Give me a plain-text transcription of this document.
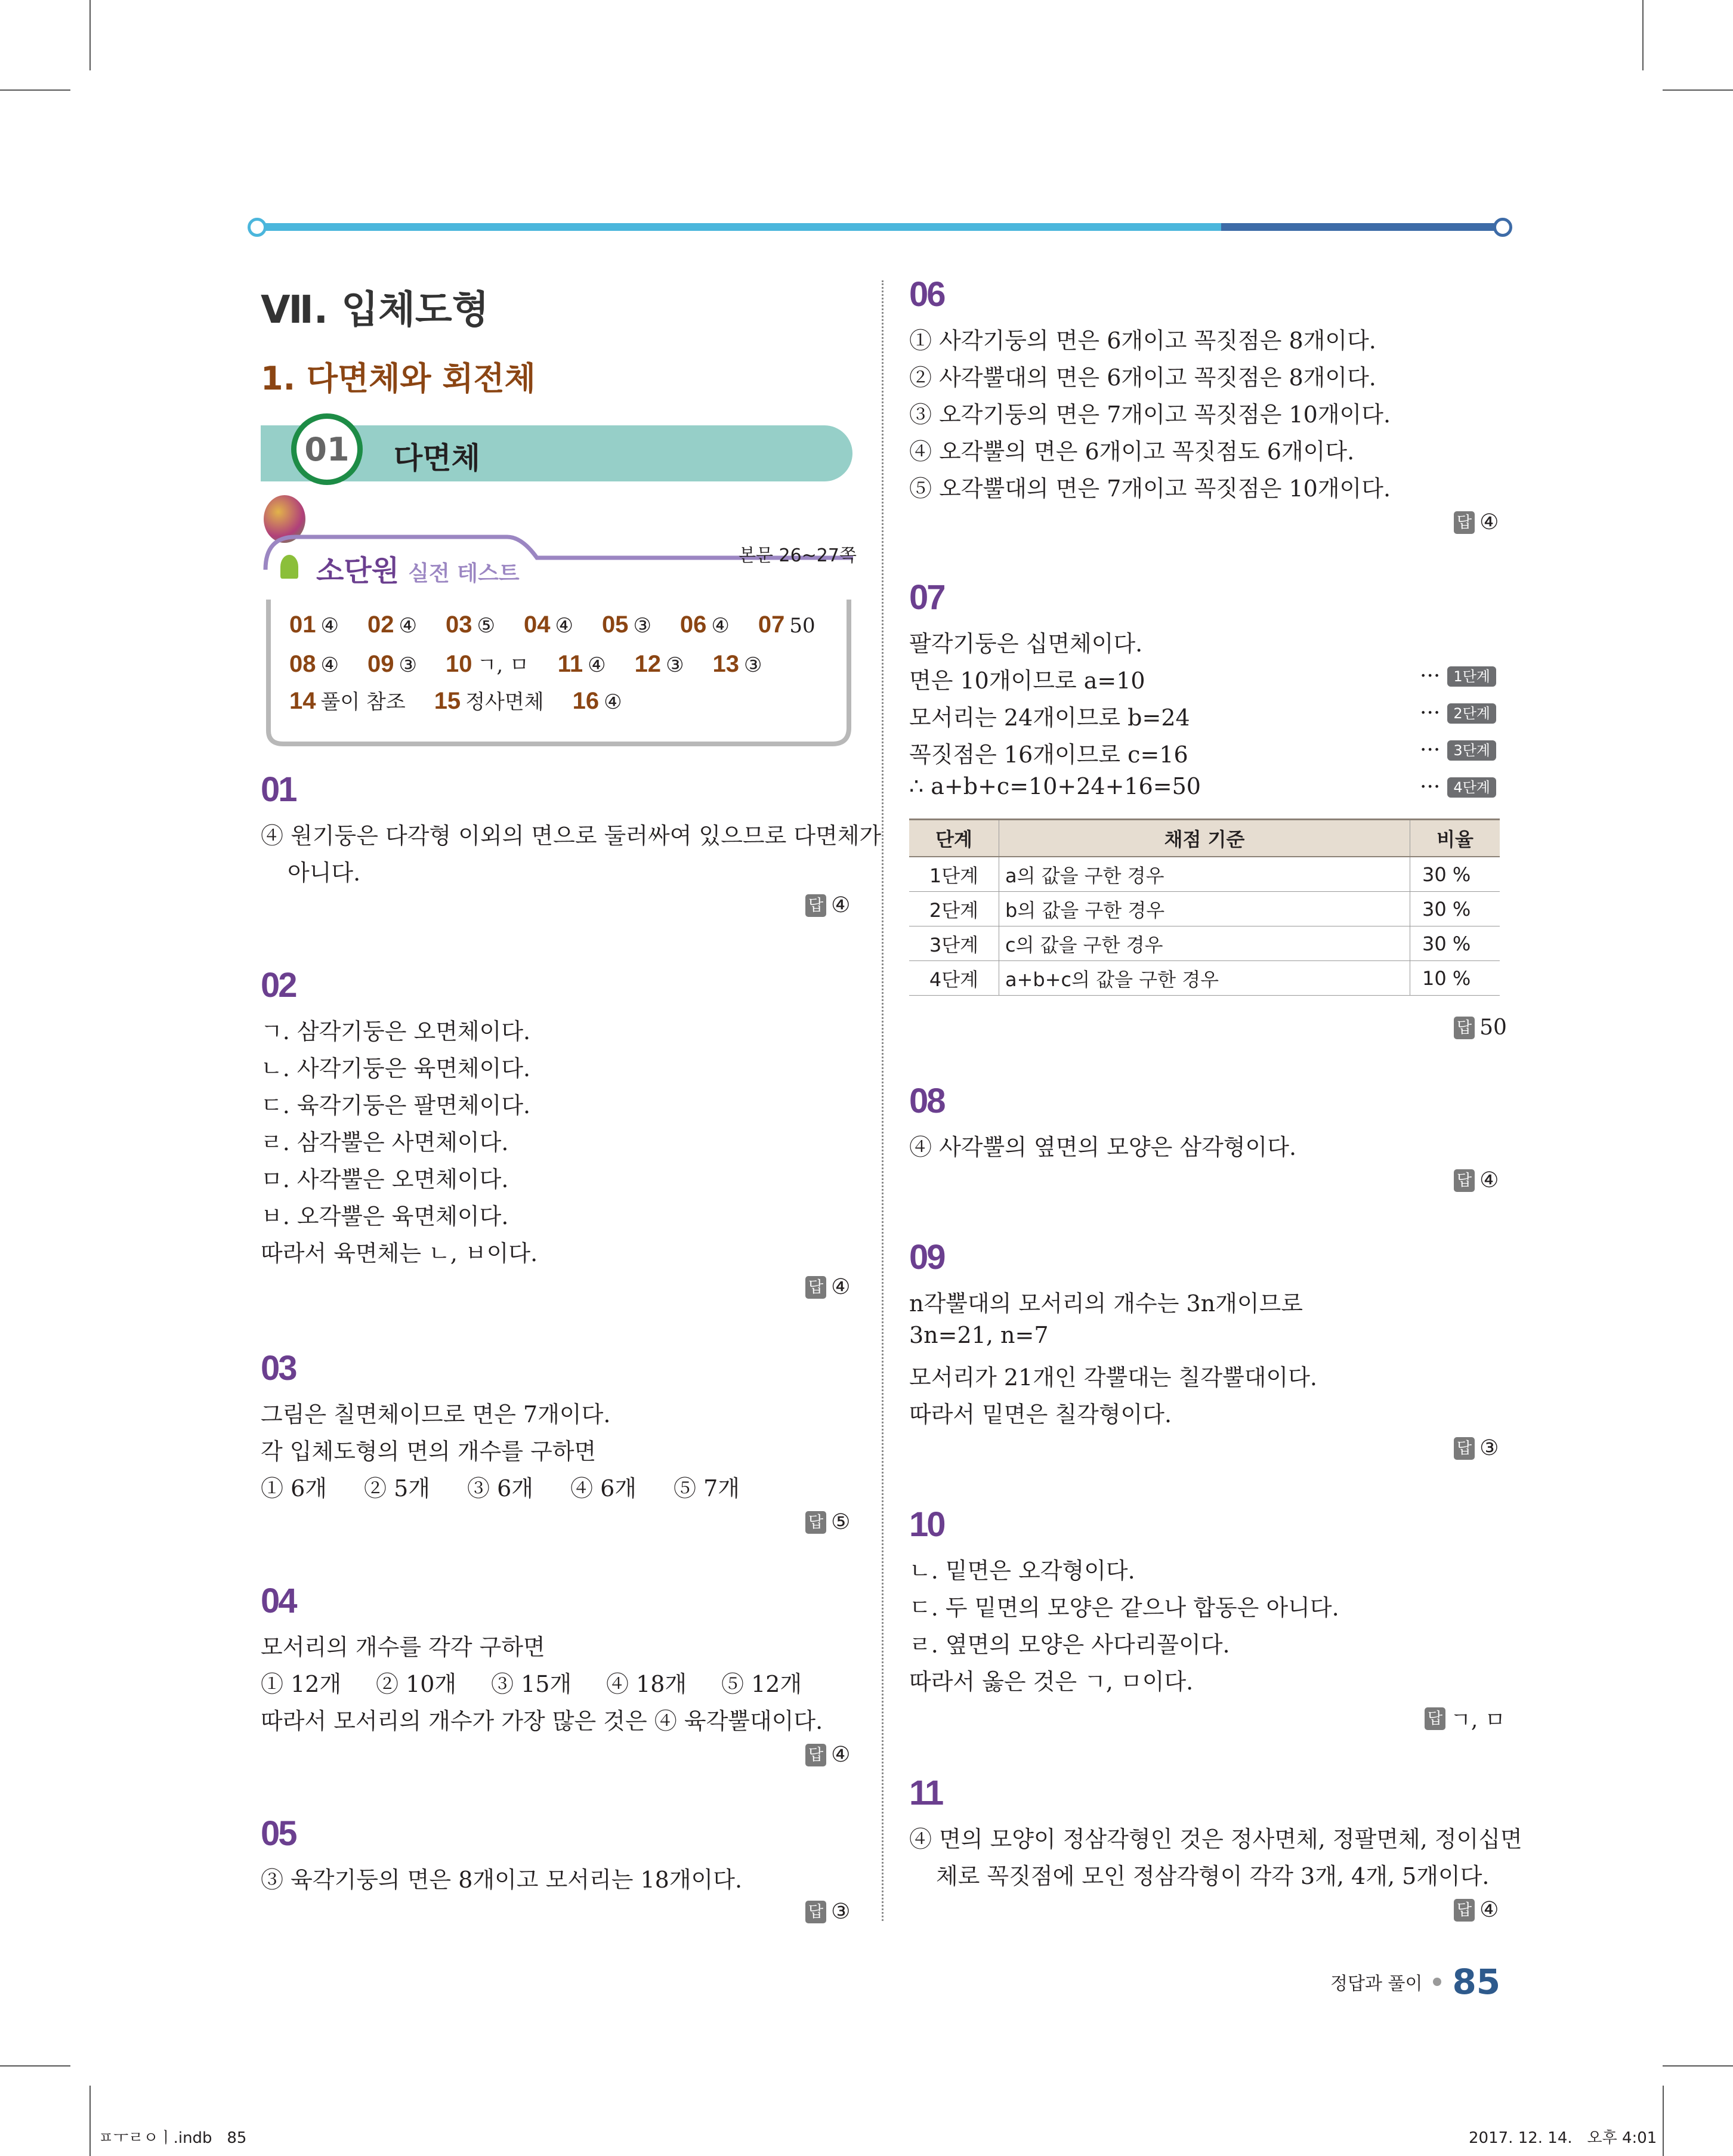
Ⅶ. 입체도형
1. 다면체와 회전체
01 다면체
소단원 실전 테스트
본문 26~27쪽
01 ④ 02 ④ 03 ⑤ 04 ④ 05 ③ 06 ④ 07 50
08 ④ 09 ③ 10 ㄱ, ㅁ 11 ④ 12 ③ 13 ③
14 풀이 참조 15 정사면체 16 ④
01
④ 원기둥은 다각형 이외의 면으로 둘러싸여 있으므로 다면체가
아니다.
답 ④
02
ㄱ. 삼각기둥은 오면체이다.
ㄴ. 사각기둥은 육면체이다.
ㄷ. 육각기둥은 팔면체이다.
ㄹ. 삼각뿔은 사면체이다.
ㅁ. 사각뿔은 오면체이다.
ㅂ. 오각뿔은 육면체이다.
따라서 육면체는 ㄴ, ㅂ이다.
답 ④
03
그림은 칠면체이므로 면은 7개이다.
각 입체도형의 면의 개수를 구하면
① 6개 ② 5개 ③ 6개 ④ 6개 ⑤ 7개
답 ⑤
04
모서리의 개수를 각각 구하면
① 12개 ② 10개 ③ 15개 ④ 18개 ⑤ 12개
따라서 모서리의 개수가 가장 많은 것은 ④ 육각뿔대이다.
답 ④
05
③ 육각기둥의 면은 8개이고 모서리는 18개이다.
답 ③
06
① 사각기둥의 면은 6개이고 꼭짓점은 8개이다.
② 사각뿔대의 면은 6개이고 꼭짓점은 8개이다.
③ 오각기둥의 면은 7개이고 꼭짓점은 10개이다.
④ 오각뿔의 면은 6개이고 꼭짓점도 6개이다.
⑤ 오각뿔대의 면은 7개이고 꼭짓점은 10개이다.
답 ④
07
팔각기둥은 십면체이다.
면은 10개이므로 a=10
모서리는 24개이므로 b=24
꼭짓점은 16개이므로 c=16
∴ a+b+c=10+24+16=50
··· 1단계
··· 2단계
··· 3단계
··· 4단계
단계	채점 기준	비율
1단계	a의 값을 구한 경우	30 %
2단계	b의 값을 구한 경우	30 %
3단계	c의 값을 구한 경우	30 %
4단계	a+b+c의 값을 구한 경우	10 %
답 50
08
④ 사각뿔의 옆면의 모양은 삼각형이다.
답 ④
09
n각뿔대의 모서리의 개수는 3n개이므로
3n=21, n=7
모서리가 21개인 각뿔대는 칠각뿔대이다.
따라서 밑면은 칠각형이다.
답 ③
10
ㄴ. 밑면은 오각형이다.
ㄷ. 두 밑면의 모양은 같으나 합동은 아니다.
ㄹ. 옆면의 모양은 사다리꼴이다.
따라서 옳은 것은 ㄱ, ㅁ이다.
답 ㄱ, ㅁ
11
④ 면의 모양이 정삼각형인 것은 정사면체, 정팔면체, 정이십면
체로 꼭짓점에 모인 정삼각형이 각각 3개, 4개, 5개이다.
답 ④
정답과 풀이 85
ㅍㅜㄹㅇㅣ.indb   85	2017. 12. 14.   오후 4:01
